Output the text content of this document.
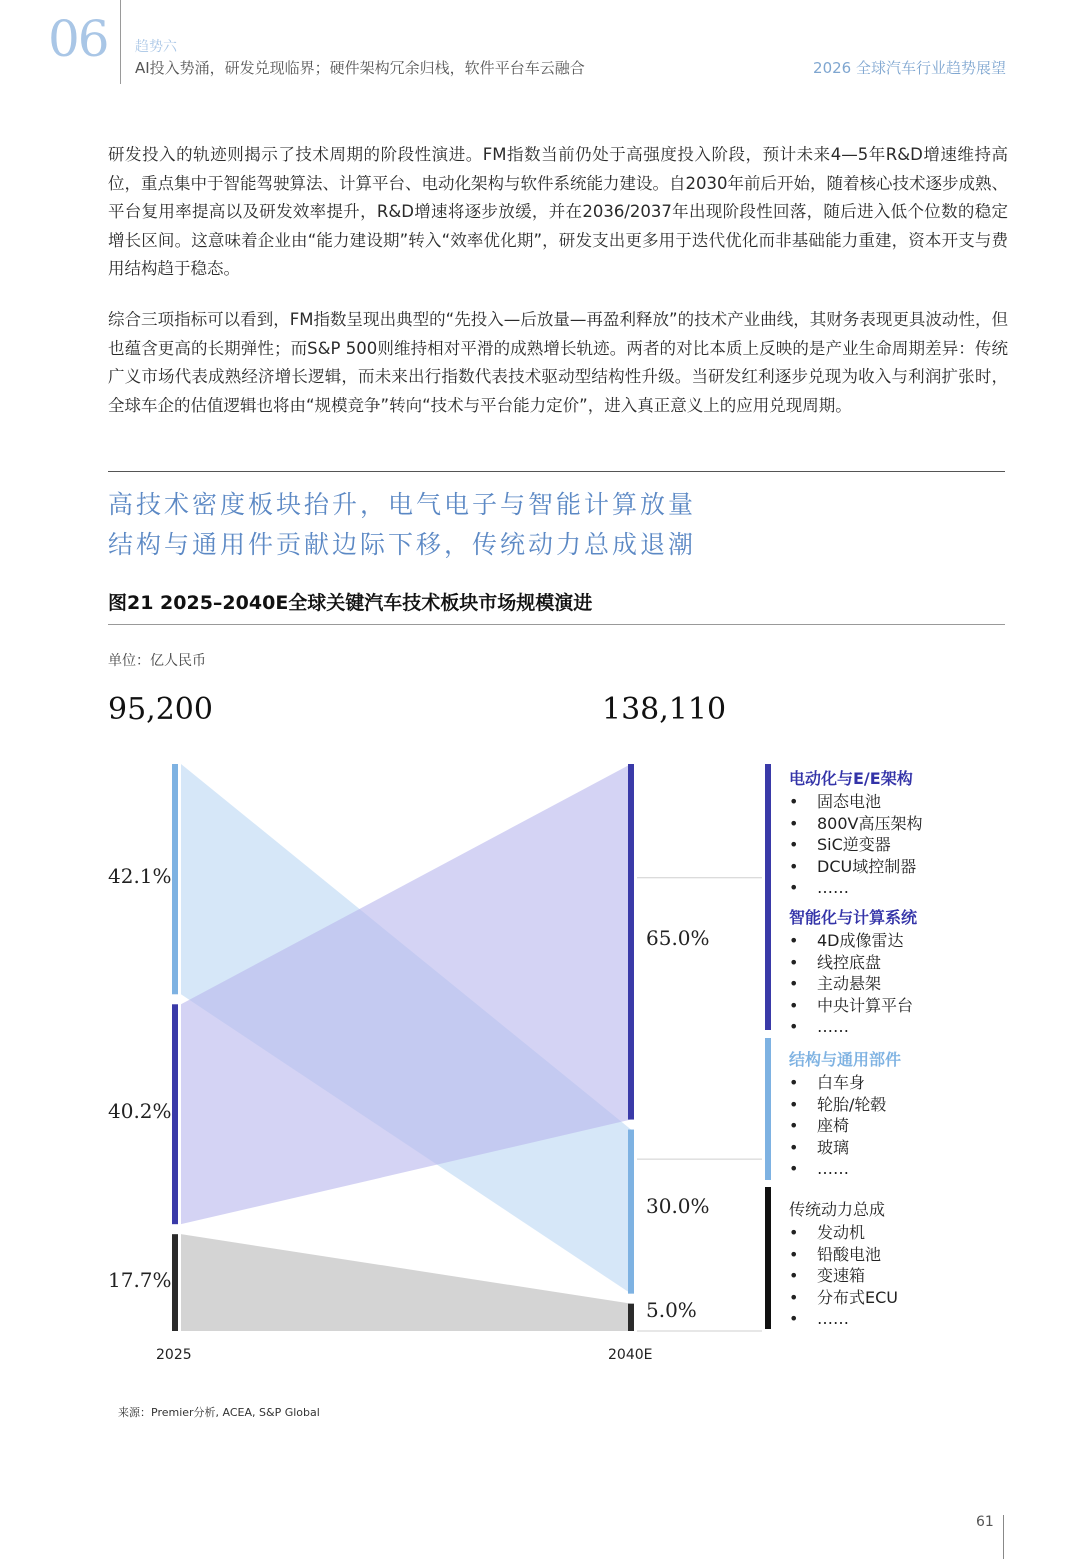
06 趋势六
AI投入势涌，研发兑现临界；硬件架构冗余归栈，软件平台车云融合	2026 全球汽车行业趋势展望

研发投入的轨迹则揭示了技术周期的阶段性演进。FM指数当前仍处于高强度投入阶段，预计未来4—5年R&D增速维持高位，重点集中于智能驾驶算法、计算平台、电动化架构与软件系统能力建设。自2030年前后开始，随着核心技术逐步成熟、平台复用率提高以及研发效率提升，R&D增速将逐步放缓，并在2036/2037年出现阶段性回落，随后进入低个位数的稳定增长区间。这意味着企业由“能力建设期”转入“效率优化期”，研发支出更多用于迭代优化而非基础能力重建，资本开支与费用结构趋于稳态。

综合三项指标可以看到，FM指数呈现出典型的“先投入—后放量—再盈利释放”的技术产业曲线，其财务表现更具波动性，但也蕴含更高的长期弹性；而S&P 500则维持相对平滑的成熟增长轨迹。两者的对比本质上反映的是产业生命周期差异：传统广义市场代表成熟经济增长逻辑，而未来出行指数代表技术驱动型结构性升级。当研发红利逐步兑现为收入与利润扩张时，全球车企的估值逻辑也将由“规模竞争”转向“技术与平台能力定价”，进入真正意义上的应用兑现周期。

高技术密度板块抬升，电气电子与智能计算放量
结构与通用件贡献边际下移，传统动力总成退潮
图21 2025–2040E全球关键汽车技术板块市场规模演进
单位：亿人民币
95,200	138,110
42.1%
40.2%
17.7%
65.0%
30.0%
5.0%
2025	2040E
电动化与E/E架构
• 固态电池
• 800V高压架构
• SiC逆变器
• DCU域控制器
• ……
智能化与计算系统
• 4D成像雷达
• 线控底盘
• 主动悬架
• 中央计算平台
• ……
结构与通用部件
• 白车身
• 轮胎/轮毂
• 座椅
• 玻璃
• ……
传统动力总成
• 发动机
• 铅酸电池
• 变速箱
• 分布式ECU
• ……
来源：Premier分析, ACEA, S&P Global
61
